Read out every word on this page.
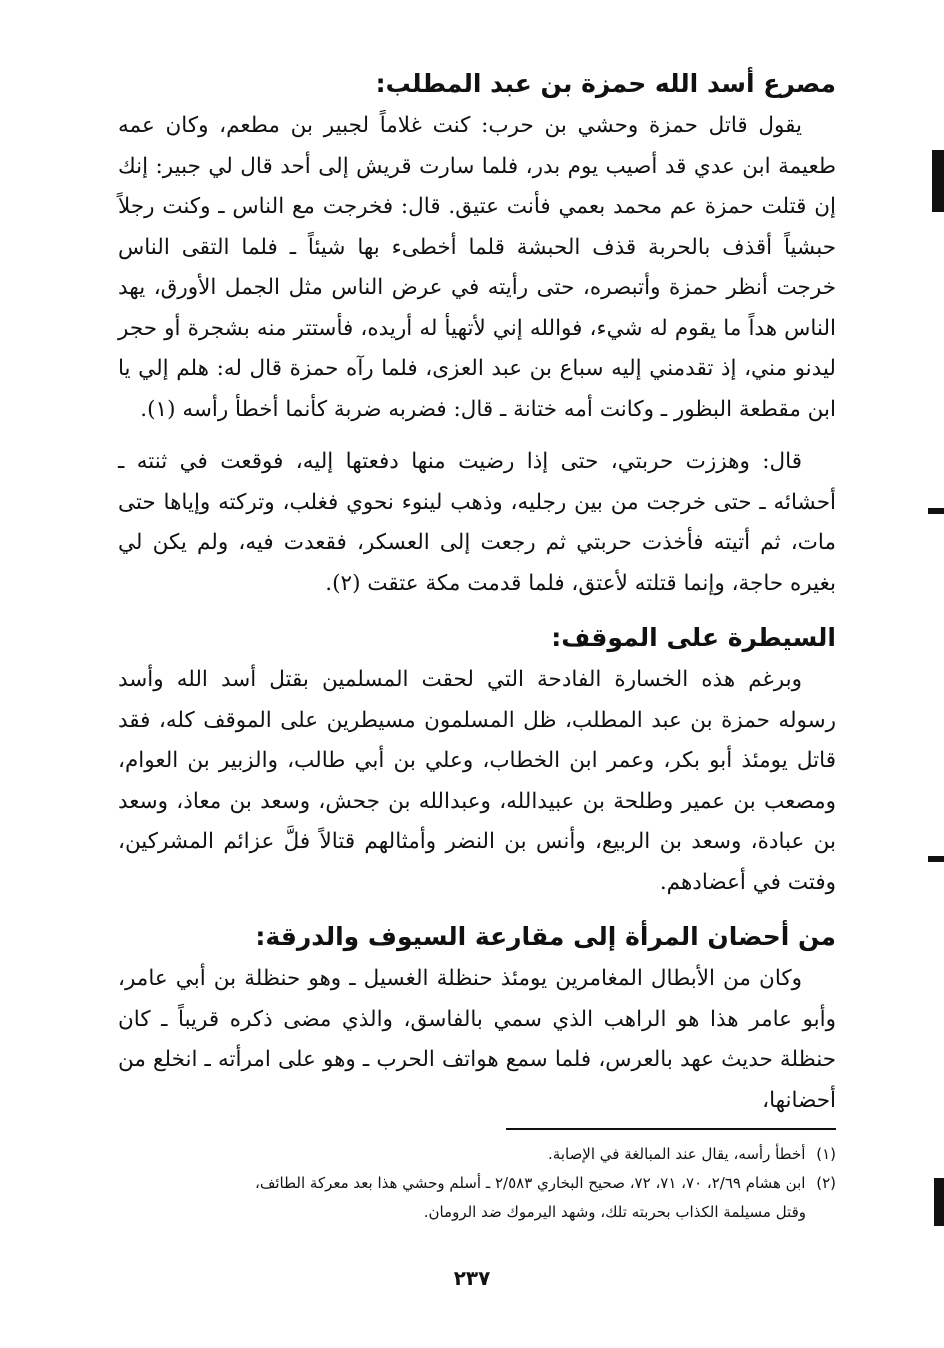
مصرع أسد الله حمزة بن عبد المطلب:

يقول قاتل حمزة وحشي بن حرب: كنت غلاماً لجبير بن مطعم، وكان عمه طعيمة ابن عدي قد أصيب يوم بدر، فلما سارت قريش إلى أحد قال لي جبير: إنك إن قتلت حمزة عم محمد بعمي فأنت عتيق. قال: فخرجت مع الناس ـ وكنت رجلاً حبشياً أقذف بالحربة قذف الحبشة قلما أخطىء بها شيئاً ـ فلما التقى الناس خرجت أنظر حمزة وأتبصره، حتى رأيته في عرض الناس مثل الجمل الأورق، يهد الناس هداً ما يقوم له شيء، فوالله إني لأتهيأ له أريده، فأستتر منه بشجرة أو حجر ليدنو مني، إذ تقدمني إليه سباع بن عبد العزى، فلما رآه حمزة قال له: هلم إلي يا ابن مقطعة البظور ـ وكانت أمه ختانة ـ قال: فضربه ضربة كأنما أخطأ رأسه (١).

قال: وهززت حربتي، حتى إذا رضيت منها دفعتها إليه، فوقعت في ثنته ـ أحشائه ـ حتى خرجت من بين رجليه، وذهب لينوء نحوي فغلب، وتركته وإياها حتى مات، ثم أتيته فأخذت حربتي ثم رجعت إلى العسكر، فقعدت فيه، ولم يكن لي بغيره حاجة، وإنما قتلته لأعتق، فلما قدمت مكة عتقت (٢).

السيطرة على الموقف:

وبرغم هذه الخسارة الفادحة التي لحقت المسلمين بقتل أسد الله وأسد رسوله حمزة بن عبد المطلب، ظل المسلمون مسيطرين على الموقف كله، فقد قاتل يومئذ أبو بكر، وعمر ابن الخطاب، وعلي بن أبي طالب، والزبير بن العوام، ومصعب بن عمير وطلحة بن عبيدالله، وعبدالله بن جحش، وسعد بن معاذ، وسعد بن عبادة، وسعد بن الربيع، وأنس بن النضر وأمثالهم قتالاً فلَّ عزائم المشركين، وفتت في أعضادهم.

من أحضان المرأة إلى مقارعة السيوف والدرقة:

وكان من الأبطال المغامرين يومئذ حنظلة الغسيل ـ وهو حنظلة بن أبي عامر، وأبو عامر هذا هو الراهب الذي سمي بالفاسق، والذي مضى ذكره قريباً ـ كان حنظلة حديث عهد بالعرس، فلما سمع هواتف الحرب ـ وهو على امرأته ـ انخلع من أحضانها،

(١) أخطأ رأسه، يقال عند المبالغة في الإصابة.

(٢) ابن هشام ٢/٦٩، ٧٠، ٧١، ٧٢، صحيح البخاري ٢/٥٨٣ ـ أسلم وحشي هذا بعد معركة الطائف،

وقتل مسيلمة الكذاب بحربته تلك، وشهد اليرموك ضد الرومان.

٢٣٧
